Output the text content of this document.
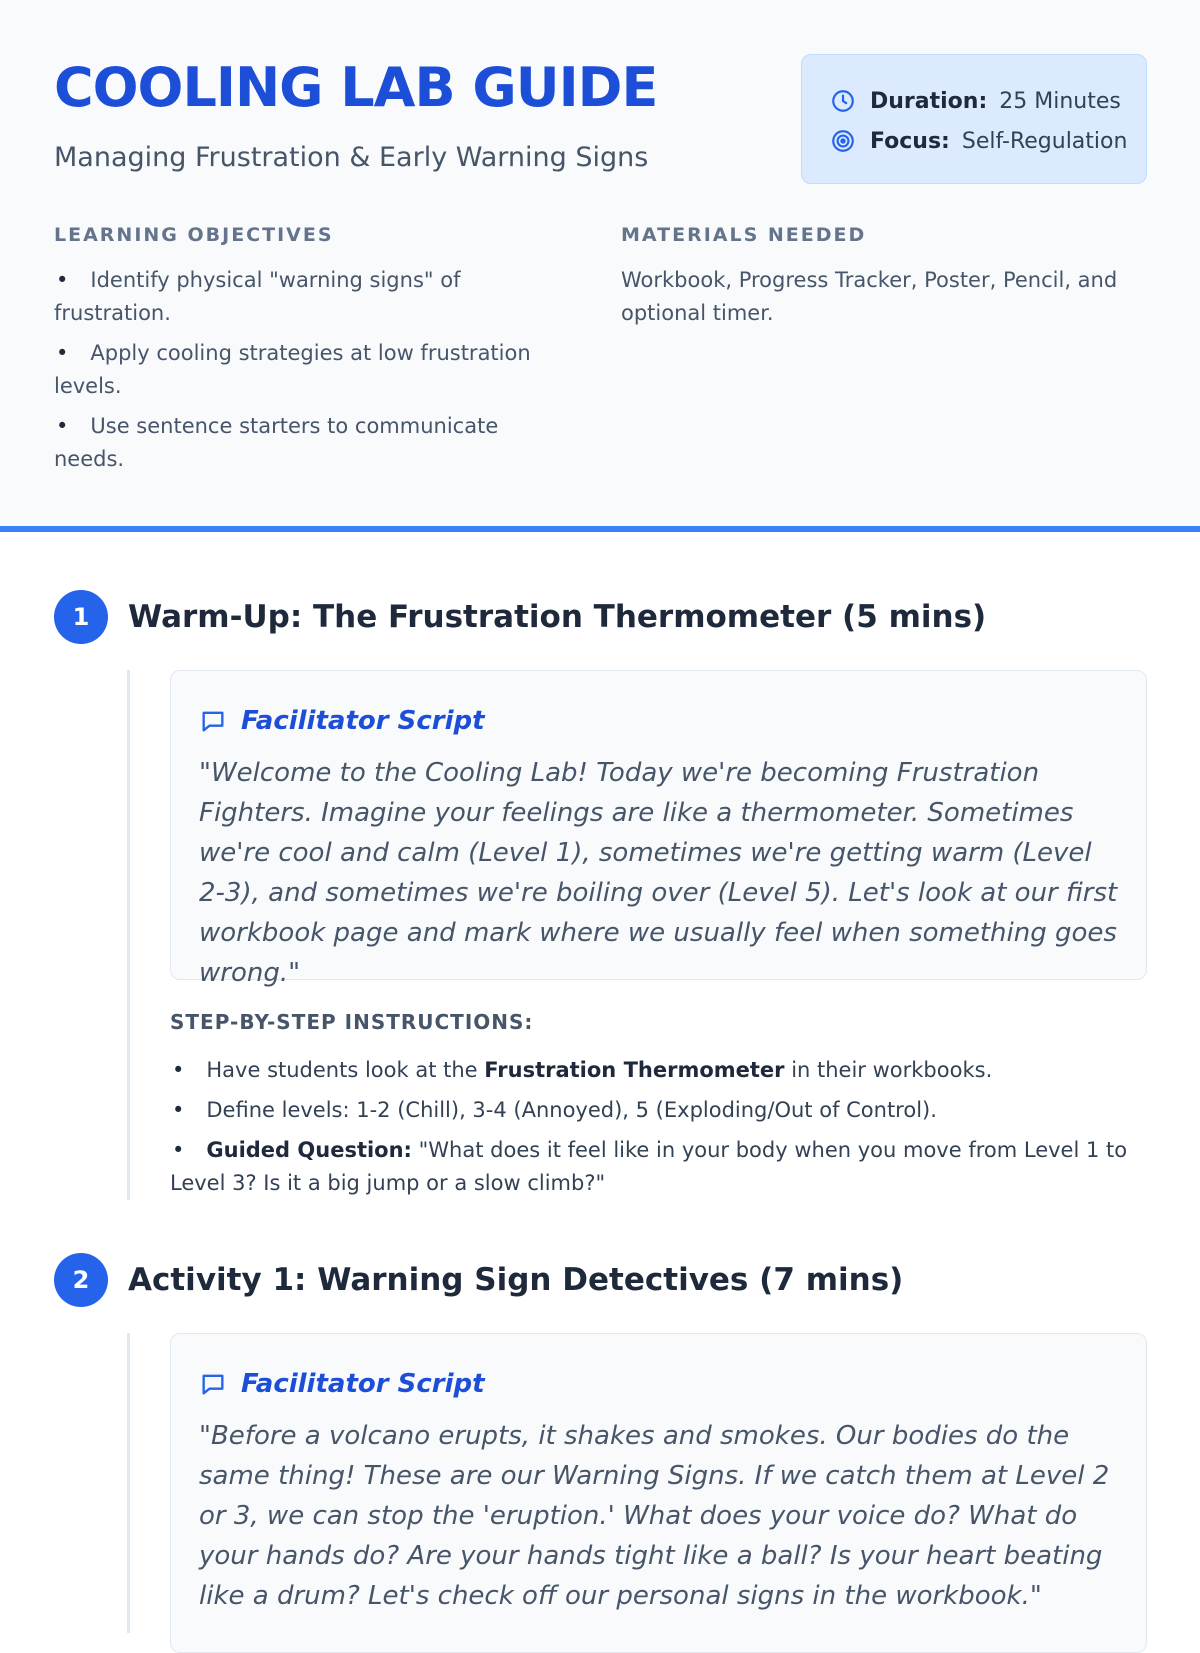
COOLING LAB GUIDE
Managing Frustration & Early Warning Signs
Duration: 25 Minutes
Focus: Self-Regulation
LEARNING OBJECTIVES
• Identify physical "warning signs" of frustration.
• Apply cooling strategies at low frustration levels.
• Use sentence starters to communicate needs.
MATERIALS NEEDED
Workbook, Progress Tracker, Poster, Pencil, and optional timer.
1	Warm-Up: The Frustration Thermometer (5 mins)
Facilitator Script

"Welcome to the Cooling Lab! Today we're becoming Frustration Fighters. Imagine your feelings are like a thermometer. Sometimes we're cool and calm (Level 1), sometimes we're getting warm (Level 2-3), and sometimes we're boiling over (Level 5). Let's look at our first workbook page and mark where we usually feel when something goes wrong."

STEP-BY-STEP INSTRUCTIONS:
• Have students look at the Frustration Thermometer in their workbooks.
• Define levels: 1-2 (Chill), 3-4 (Annoyed), 5 (Exploding/Out of Control).
• Guided Question: "What does it feel like in your body when you move from Level 1 to Level 3? Is it a big jump or a slow climb?"
2	Activity 1: Warning Sign Detectives (7 mins)
Facilitator Script

"Before a volcano erupts, it shakes and smokes. Our bodies do the same thing! These are our Warning Signs. If we catch them at Level 2 or 3, we can stop the 'eruption.' What does your voice do? What do your hands do? Are your hands tight like a ball? Is your heart beating like a drum? Let's check off our personal signs in the workbook."
